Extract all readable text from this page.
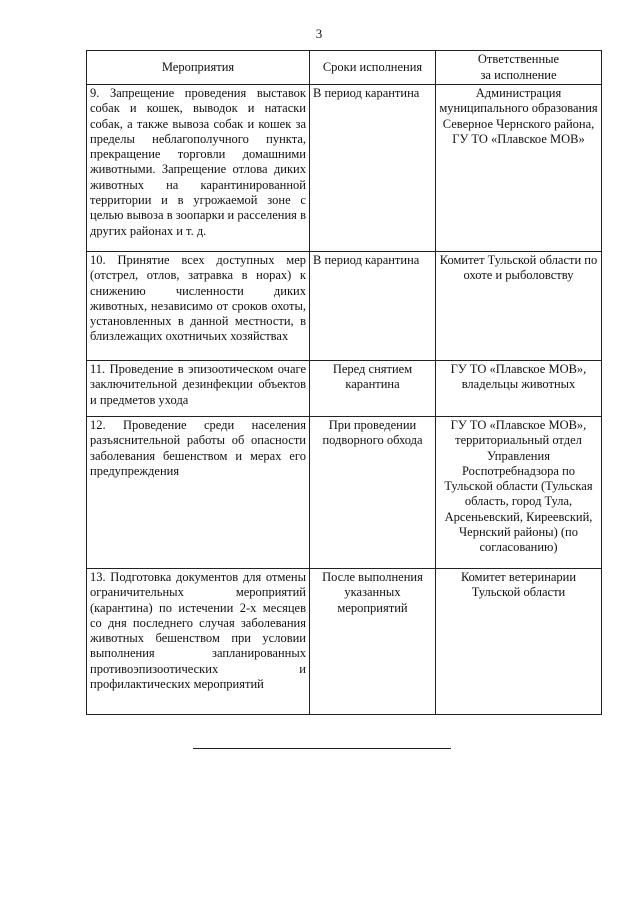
3
Мероприятия	Сроки исполнения	Ответственные
за исполнение
9. Запрещение проведения выставок собак и кошек, выводок и натаски собак, а также вывоза собак и кошек за пределы неблагополучного пункта, прекращение торговли домашними животными. Запрещение отлова диких животных на карантинированной территории и в угрожаемой зоне с целью вывоза в зоопарки и расселения в других районах и т. д.	В период карантина	Администрация муниципального образования Северное Чернского района, ГУ ТО «Плавское МОВ»
10. Принятие всех доступных мер (отстрел, отлов, затравка в норах) к снижению численности диких животных, независимо от сроков охоты, установленных в данной местности, в близлежащих охотничьих хозяйствах	В период карантина	Комитет Тульской области по охоте и рыболовству
11. Проведение в эпизоотическом очаге заключительной дезинфекции объектов и предметов ухода	Перед снятием карантина	ГУ ТО «Плавское МОВ», владельцы животных
12. Проведение среди населения разъяснительной работы об опасности заболевания бешенством и мерах его предупреждения	При проведении подворного обхода	ГУ ТО «Плавское МОВ», территориальный отдел Управления Роспотребнадзора по Тульской области (Тульская область, город Тула, Арсеньевский, Киреевский, Чернский районы) (по согласованию)
13. Подготовка документов для отмены ограничительных мероприятий (карантина) по истечении 2-х месяцев со дня последнего случая заболевания животных бешенством при условии выполнения запланированных противоэпизоотических и профилактических мероприятий	После выполнения указанных мероприятий	Комитет ветеринарии Тульской области
